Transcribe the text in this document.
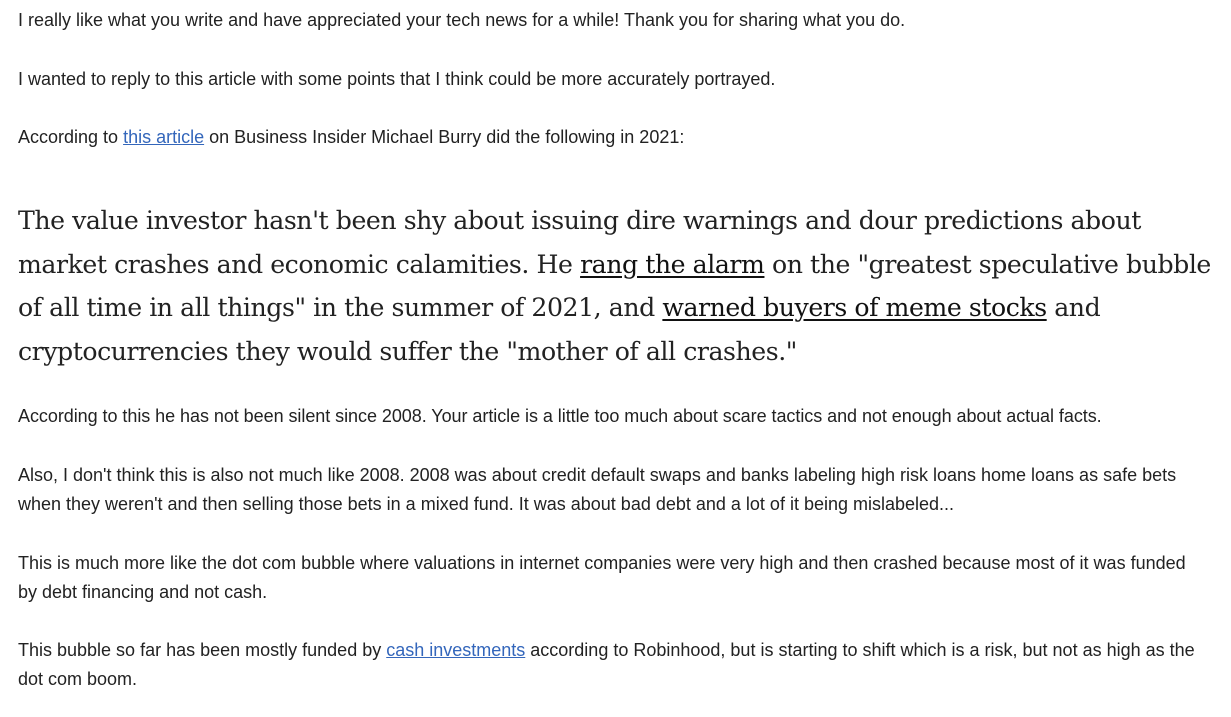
I really like what you write and have appreciated your tech news for a while! Thank you for sharing what you do.

I wanted to reply to this article with some points that I think could be more accurately portrayed.

According to this article on Business Insider Michael Burry did the following in 2021:

The value investor hasn't been shy about issuing dire warnings and dour predictions about market crashes and economic calamities. He rang the alarm on the "greatest speculative bubble of all time in all things" in the summer of 2021, and warned buyers of meme stocks and cryptocurrencies they would suffer the "mother of all crashes."

According to this he has not been silent since 2008. Your article is a little too much about scare tactics and not enough about actual facts.

Also, I don't think this is also not much like 2008. 2008 was about credit default swaps and banks labeling high risk loans home loans as safe bets when they weren't and then selling those bets in a mixed fund. It was about bad debt and a lot of it being mislabeled...

This is much more like the dot com bubble where valuations in internet companies were very high and then crashed because most of it was funded by debt financing and not cash.

This bubble so far has been mostly funded by cash investments according to Robinhood, but is starting to shift which is a risk, but not as high as the dot com boom.
